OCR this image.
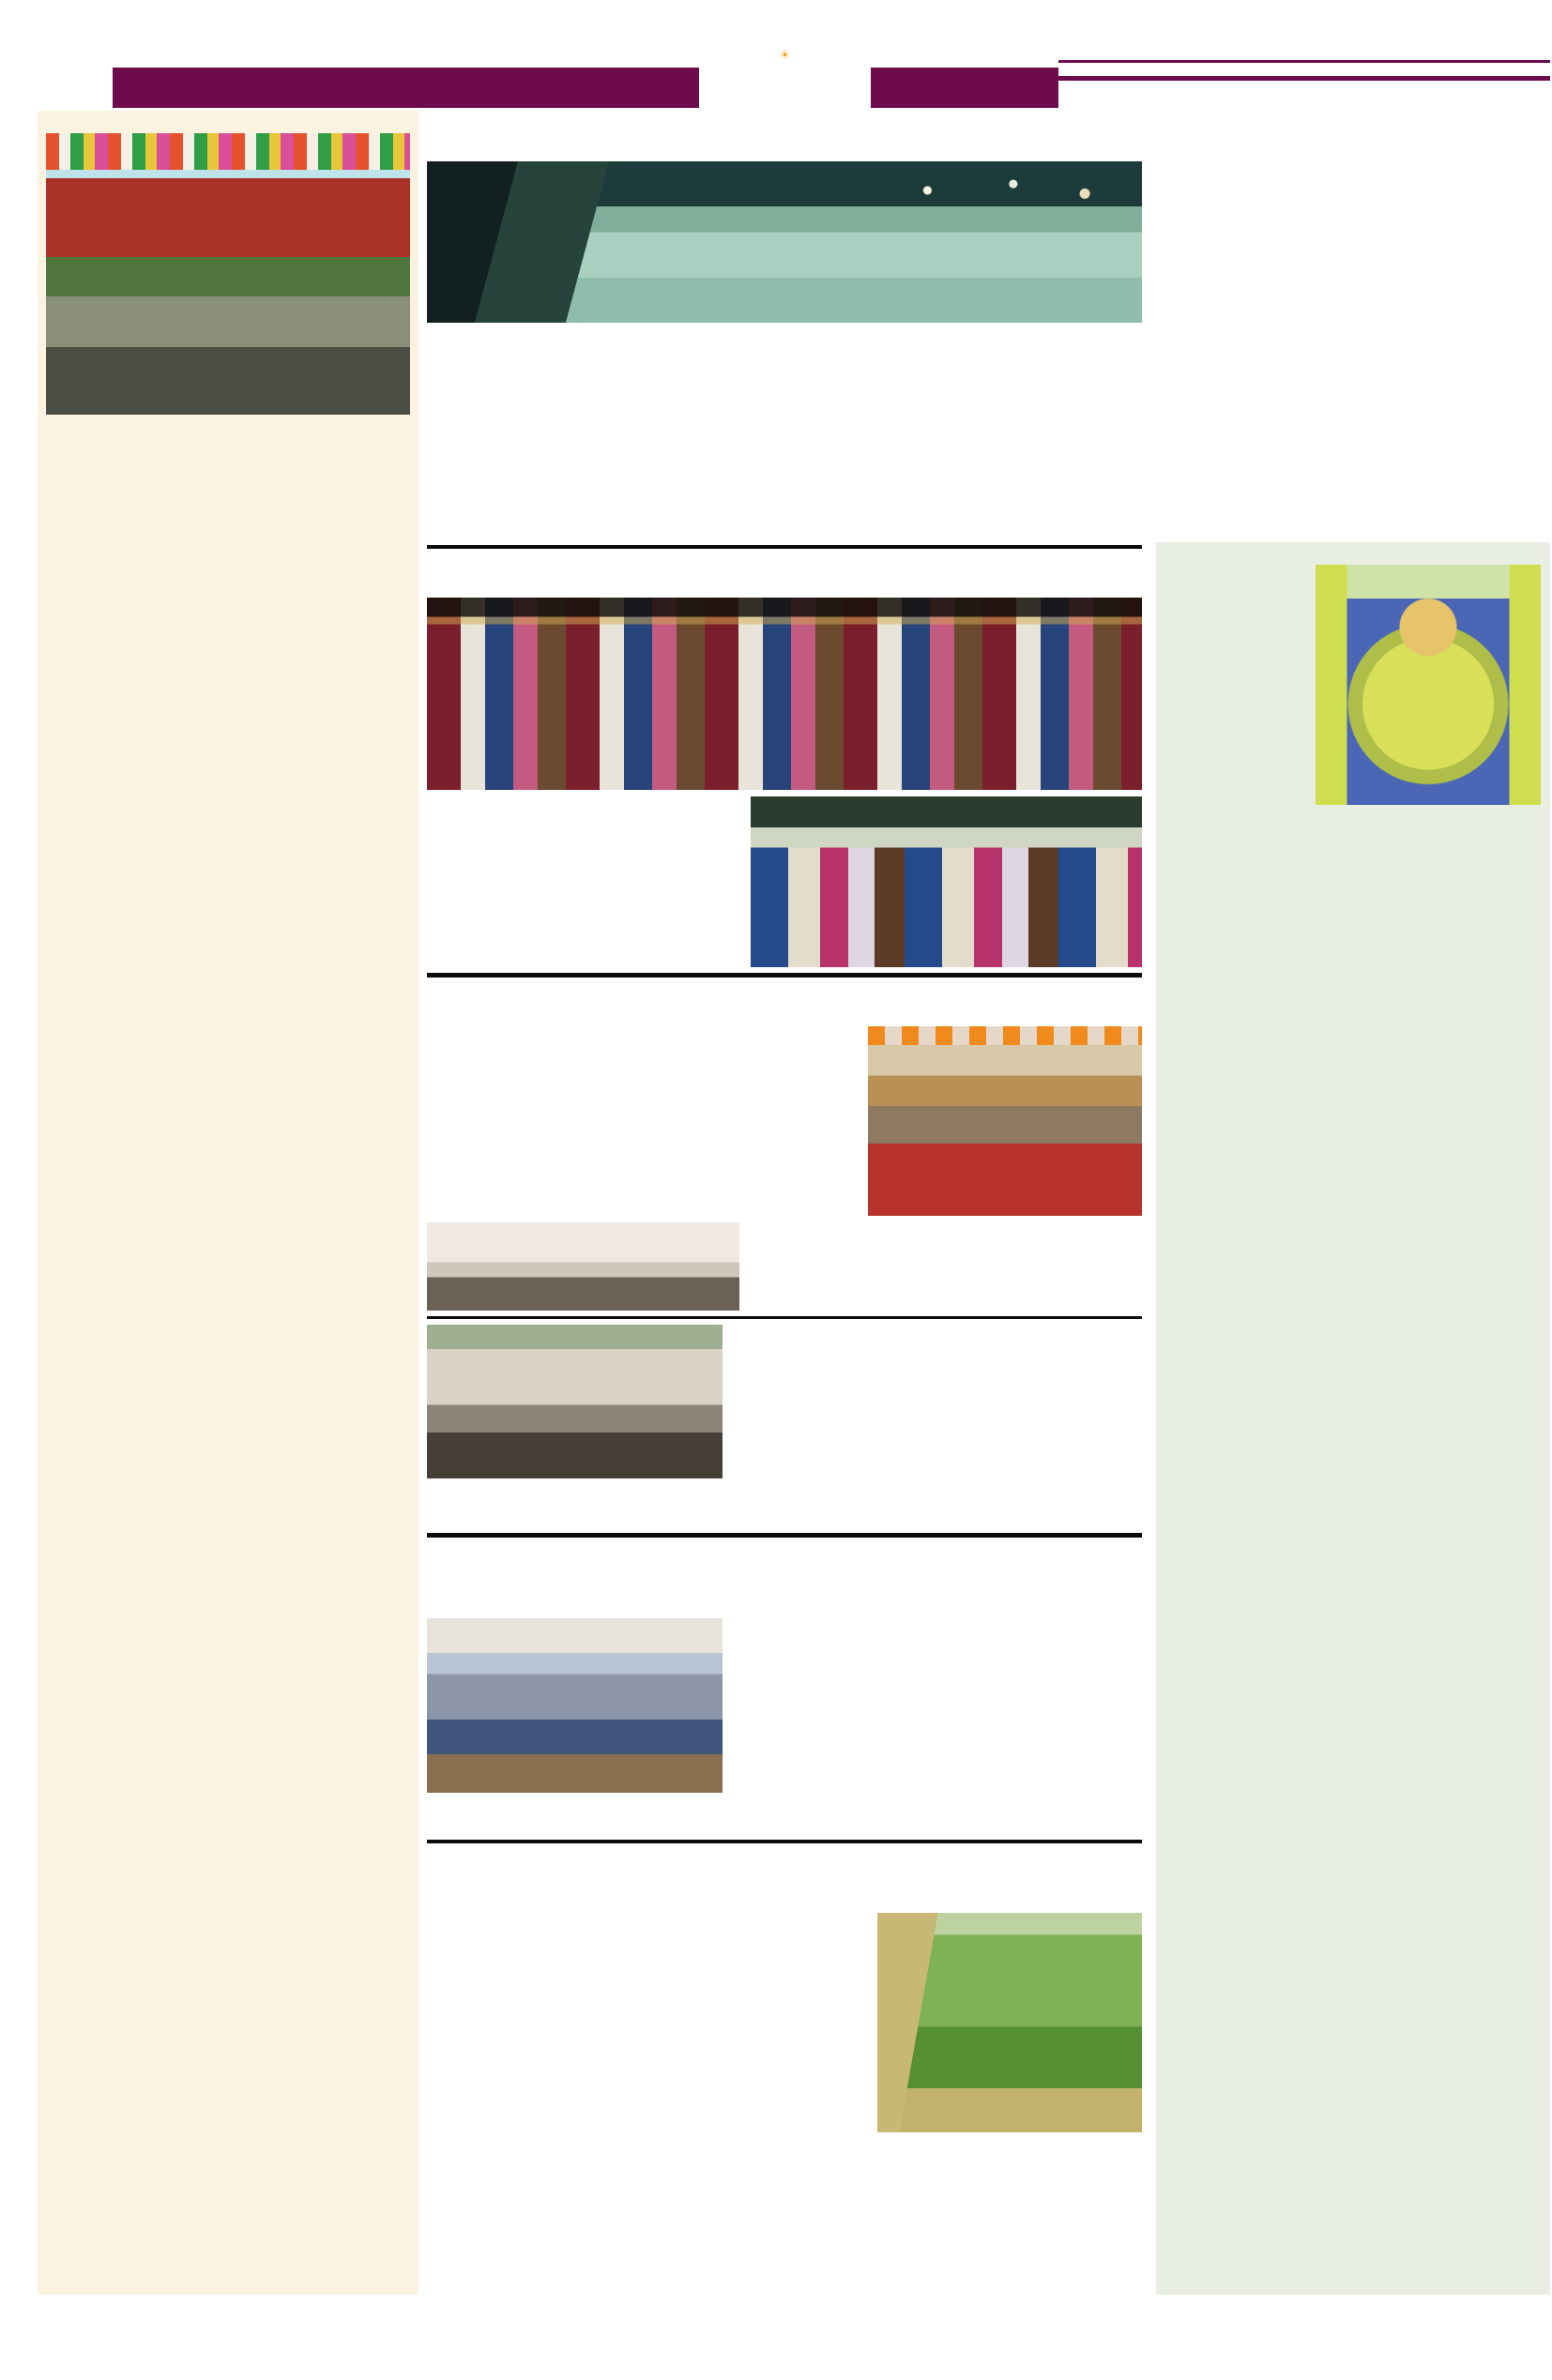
☀
